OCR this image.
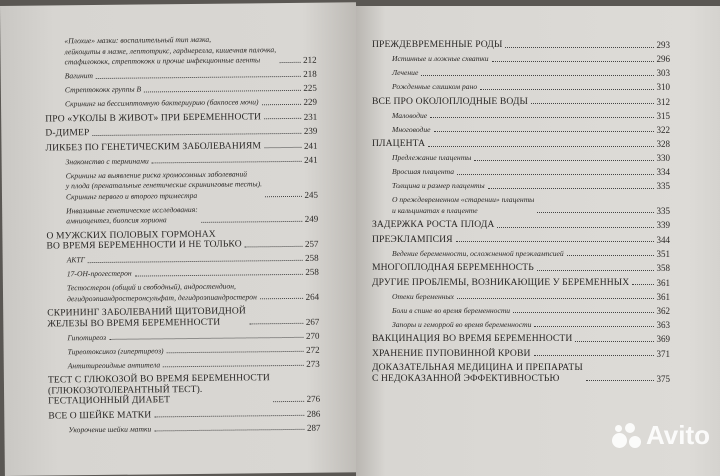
«Плохие» мазки: воспалительный тип мазка,
лейкоциты в мазке, лептотрикс, гарднерелла, кишечная палочка,
стафилококк, стрептококк и прочие инфекционные агенты	212
Вагинит	218
Стрептококк группы В	225
Скрининг на бессимптомную бактериурию (бакпосев мочи)	229
ПРО «УКОЛЫ В ЖИВОТ» ПРИ БЕРЕМЕННОСТИ	231
D-ДИМЕР	239
ЛИКБЕЗ ПО ГЕНЕТИЧЕСКИМ ЗАБОЛЕВАНИЯМ	241
Знакомство с терминами	241
Скрининг на выявление риска хромосомных заболеваний
у плода (пренатальные генетические скрининговые тесты).
Скрининг первого и второго триместра	245
Инвазивные генетические исследования:
амниоцентез, биопсия хориона	249
О МУЖСКИХ ПОЛОВЫХ ГОРМОНАХ
ВО ВРЕМЯ БЕРЕМЕННОСТИ И НЕ ТОЛЬКО	257
АКТГ	258
17-ОН-прогестерон	258
Тестостерон (общий и свободный), андростендион,
дегидроэпиандростеронсульфат, дегидроэпиандростерон	264
СКРИНИНГ ЗАБОЛЕВАНИЙ ЩИТОВИДНОЙ
ЖЕЛЕЗЫ ВО ВРЕМЯ БЕРЕМЕННОСТИ	267
Гипотиреоз	270
Тиреотоксикоз (гипертиреоз)	272
Антитиреоидные антитела	273
ТЕСТ С ГЛЮКОЗОЙ ВО ВРЕМЯ БЕРЕМЕННОСТИ
(ГЛЮКОЗОТОЛЕРАНТНЫЙ ТЕСТ).
ГЕСТАЦИОННЫЙ ДИАБЕТ	276
ВСЕ О ШЕЙКЕ МАТКИ	286
Укорочение шейки матки	287
ПРЕЖДЕВРЕМЕННЫЕ РОДЫ	293
Истинные и ложные схватки	296
Лечение	303
Рожденные слишком рано	310
ВСЕ ПРО ОКОЛОПЛОДНЫЕ ВОДЫ	312
Маловодие	315
Многоводие	322
ПЛАЦЕНТА	328
Предлежание плаценты	330
Вросшая плацента	334
Толщина и размер плаценты	335
О преждевременном «старении» плаценты
и кальцинатах в плаценте	335
ЗАДЕРЖКА РОСТА ПЛОДА	339
ПРЕЭКЛАМПСИЯ	344
Ведение беременности, осложненной преэклампсией	351
МНОГОПЛОДНАЯ БЕРЕМЕННОСТЬ	358
ДРУГИЕ ПРОБЛЕМЫ, ВОЗНИКАЮЩИЕ У БЕРЕМЕННЫХ	361
Отеки беременных	361
Боли в спине во время беременности	362
Запоры и геморрой во время беременности	363
ВАКЦИНАЦИЯ ВО ВРЕМЯ БЕРЕМЕННОСТИ	369
ХРАНЕНИЕ ПУПОВИННОЙ КРОВИ	371
ДОКАЗАТЕЛЬНАЯ МЕДИЦИНА И ПРЕПАРАТЫ
С НЕДОКАЗАННОЙ ЭФФЕКТИВНОСТЬЮ	375
Avito
